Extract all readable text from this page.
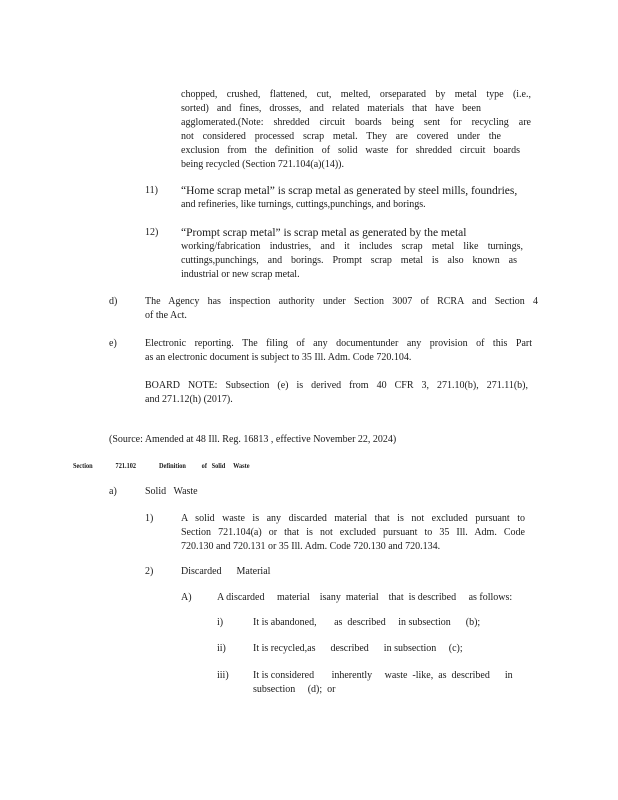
chopped, crushed, flattened, cut, melted, orseparated by metal type (i.e.,
sorted) and fines, drosses, and related materials that have been
agglomerated.(Note: shredded circuit boards being sent for recycling are
not considered processed scrap metal. They are covered under the
exclusion from the definition of solid waste for shredded circuit boards
being recycled (Section 721.104(a)(14)).
11) “Home scrap metal” is scrap metal as generated by steel mills, foundries,
and refineries, like turnings, cuttings,punchings, and borings.
12) “Prompt scrap metal” is scrap metal as generated by the metal
working/fabrication industries, and it includes scrap metal like turnings,
cuttings,punchings, and borings. Prompt scrap metal is also known as
industrial or new scrap metal.
d)	The Agency has inspection authority under Section 3007 of RCRA and Section 4
of the Act.
e)	Electronic reporting. The filing of any documentunder any provision of this Part
as an electronic document is subject to 35 Ill. Adm. Code 720.104.
BOARD NOTE: Subsection (e) is derived from 40 CFR 3, 271.10(b), 271.11(b),
and 271.12(h) (2017).
(Source: Amended at 48 Ill. Reg. 16813 , effective November 22, 2024)
Section	721.102	Definition          of   Solid     Waste
a)	Solid   Waste
1)	A solid waste is any discarded material that is not excluded pursuant to
Section 721.104(a) or that is not excluded pursuant to 35 Ill. Adm. Code
720.130 and 720.131 or 35 Ill. Adm. Code 720.130 and 720.134.
2)	Discarded      Material
A)	A discarded     material    isany  material    that  is described     as follows:
i)	It is abandoned,       as  described     in subsection      (b);
ii)	It is recycled,as      described      in subsection     (c);
iii) It is considered       inherently     waste  -like,  as  described      in
subsection     (d);  or
